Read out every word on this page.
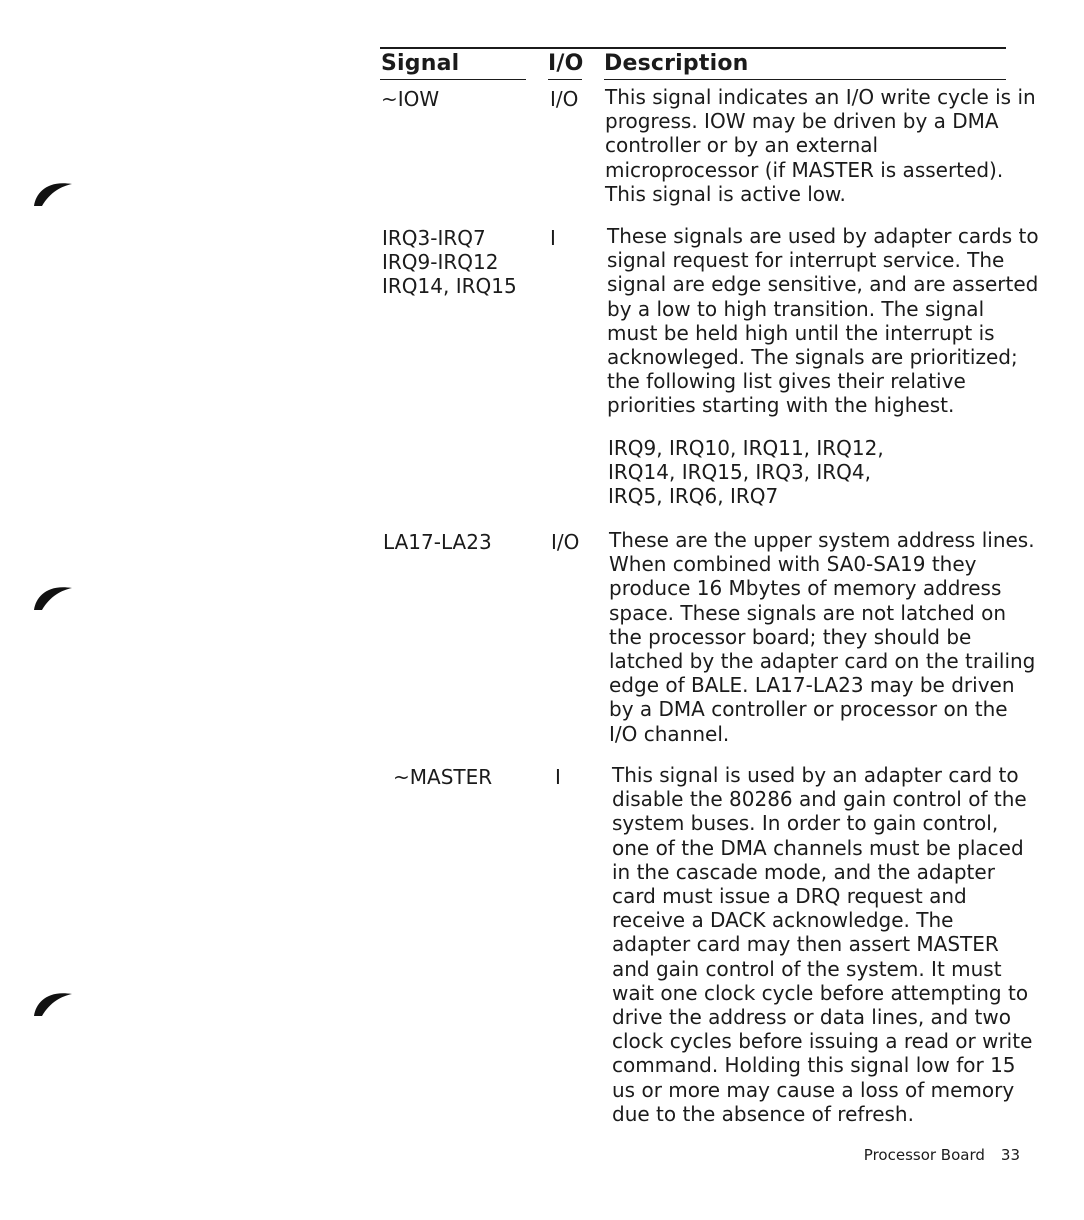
Signal	I/O Description
~IOW	I/O This signal indicates an I/O write cycle is in
progress. IOW may be driven by a DMA
controller or by an external
microprocessor (if MASTER is asserted).
This signal is active low.
IRQ3-IRQ7
IRQ9-IRQ12
IRQ14, IRQ15
I	These signals are used by adapter cards to
signal request for interrupt service. The
signal are edge sensitive, and are asserted
by a low to high transition. The signal
must be held high until the interrupt is
acknowleged. The signals are prioritized;
the following list gives their relative
priorities starting with the highest.
IRQ9, IRQ10, IRQ11, IRQ12,
IRQ14, IRQ15, IRQ3, IRQ4,
IRQ5, IRQ6, IRQ7
LA17-LA23	I/O These are the upper system address lines.
When combined with SA0-SA19 they
produce 16 Mbytes of memory address
space. These signals are not latched on
the processor board; they should be
latched by the adapter card on the trailing
edge of BALE. LA17-LA23 may be driven
by a DMA controller or processor on the
I/O channel.
~MASTER	I	This signal is used by an adapter card to
disable the 80286 and gain control of the
system buses. In order to gain control,
one of the DMA channels must be placed
in the cascade mode, and the adapter
card must issue a DRQ request and
receive a DACK acknowledge. The
adapter card may then assert MASTER
and gain control of the system. It must
wait one clock cycle before attempting to
drive the address or data lines, and two
clock cycles before issuing a read or write
command. Holding this signal low for 15
us or more may cause a loss of memory
due to the absence of refresh.
Processor Board 33
